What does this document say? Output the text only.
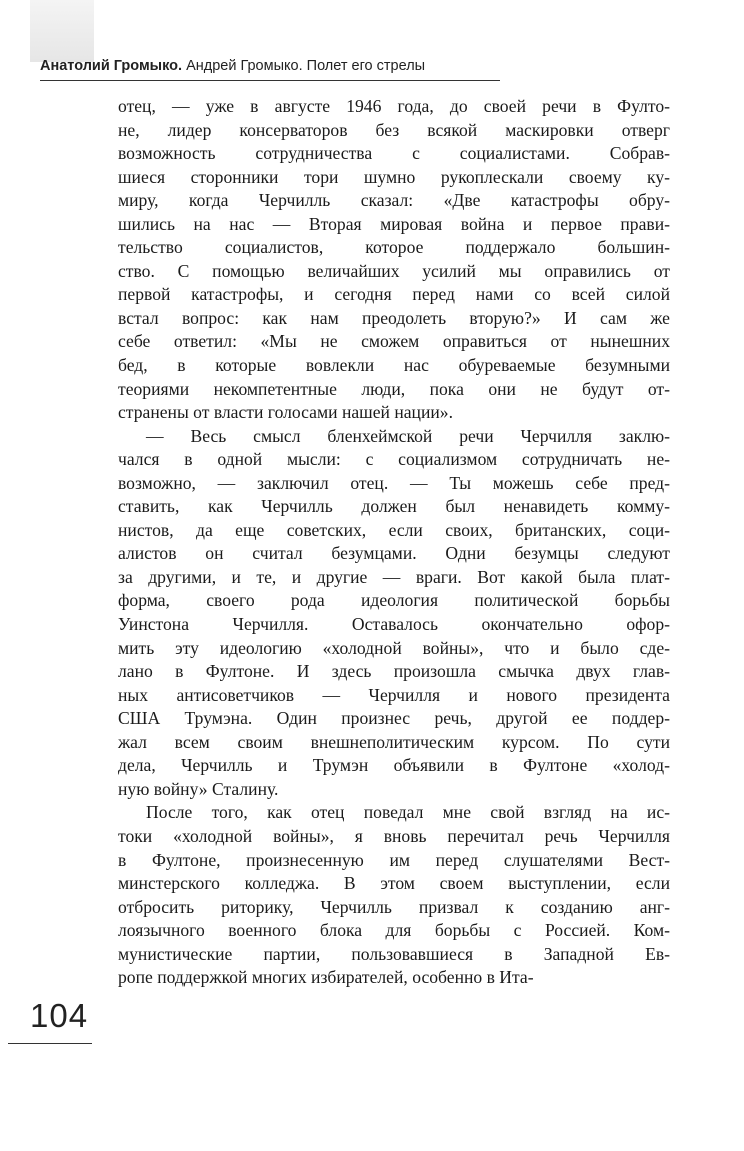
Анатолий Громыко. Андрей Громыко. Полет его стрелы
отец, — уже в августе 1946 года, до своей речи в Фулто-
не, лидер консерваторов без всякой маскировки отверг
возможность сотрудничества с социалистами. Собрав-
шиеся сторонники тори шумно рукоплескали своему ку-
миру, когда Черчилль сказал: «Две катастрофы обру-
шились на нас — Вторая мировая война и первое прави-
тельство социалистов, которое поддержало большин-
ство. С помощью величайших усилий мы оправились от
первой катастрофы, и сегодня перед нами со всей силой
встал вопрос: как нам преодолеть вторую?» И сам же
себе ответил: «Мы не сможем оправиться от нынешних
бед, в которые вовлекли нас обуреваемые безумными
теориями некомпетентные люди, пока они не будут от-
странены от власти голосами нашей нации».
— Весь смысл бленхеймской речи Черчилля заклю-
чался в одной мысли: с социализмом сотрудничать не-
возможно, — заключил отец. — Ты можешь себе пред-
ставить, как Черчилль должен был ненавидеть комму-
нистов, да еще советских, если своих, британских, соци-
алистов он считал безумцами. Одни безумцы следуют
за другими, и те, и другие — враги. Вот какой была плат-
форма, своего рода идеология политической борьбы
Уинстона Черчилля. Оставалось окончательно офор-
мить эту идеологию «холодной войны», что и было сде-
лано в Фултоне. И здесь произошла смычка двух глав-
ных антисоветчиков — Черчилля и нового президента
США Трумэна. Один произнес речь, другой ее поддер-
жал всем своим внешнеполитическим курсом. По сути
дела, Черчилль и Трумэн объявили в Фултоне «холод-
ную войну» Сталину.
После того, как отец поведал мне свой взгляд на ис-
токи «холодной войны», я вновь перечитал речь Черчилля
в Фултоне, произнесенную им перед слушателями Вест-
минстерского колледжа. В этом своем выступлении, если
отбросить риторику, Черчилль призвал к созданию анг-
лоязычного военного блока для борьбы с Россией. Ком-
мунистические партии, пользовавшиеся в Западной Ев-
ропе поддержкой многих избирателей, особенно в Ита-
104
